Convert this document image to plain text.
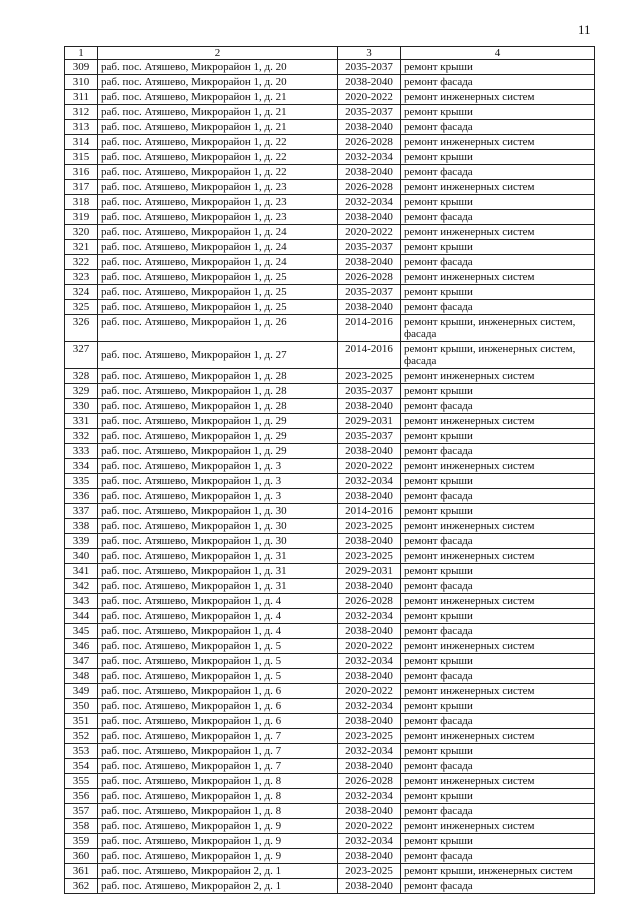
11
1	2	3	4
309	раб. пос. Атяшево, Микрорайон 1, д. 20	2035-2037	ремонт крыши
310	раб. пос. Атяшево, Микрорайон 1, д. 20	2038-2040	ремонт фасада
311	раб. пос. Атяшево, Микрорайон 1, д. 21	2020-2022	ремонт инженерных систем
312	раб. пос. Атяшево, Микрорайон 1, д. 21	2035-2037	ремонт крыши
313	раб. пос. Атяшево, Микрорайон 1, д. 21	2038-2040	ремонт фасада
314	раб. пос. Атяшево, Микрорайон 1, д. 22	2026-2028	ремонт инженерных систем
315	раб. пос. Атяшево, Микрорайон 1, д. 22	2032-2034	ремонт крыши
316	раб. пос. Атяшево, Микрорайон 1, д. 22	2038-2040	ремонт фасада
317	раб. пос. Атяшево, Микрорайон 1, д. 23	2026-2028	ремонт инженерных систем
318	раб. пос. Атяшево, Микрорайон 1, д. 23	2032-2034	ремонт крыши
319	раб. пос. Атяшево, Микрорайон 1, д. 23	2038-2040	ремонт фасада
320	раб. пос. Атяшево, Микрорайон 1, д. 24	2020-2022	ремонт инженерных систем
321	раб. пос. Атяшево, Микрорайон 1, д. 24	2035-2037	ремонт крыши
322	раб. пос. Атяшево, Микрорайон 1, д. 24	2038-2040	ремонт фасада
323	раб. пос. Атяшево, Микрорайон 1, д. 25	2026-2028	ремонт инженерных систем
324	раб. пос. Атяшево, Микрорайон 1, д. 25	2035-2037	ремонт крыши
325	раб. пос. Атяшево, Микрорайон 1, д. 25	2038-2040	ремонт фасада
326	раб. пос. Атяшево, Микрорайон 1, д. 26	2014-2016	ремонт крыши, инженерных систем, фасада
327	раб. пос. Атяшево, Микрорайон 1, д. 27	2014-2016	ремонт крыши, инженерных систем, фасада
328	раб. пос. Атяшево, Микрорайон 1, д. 28	2023-2025	ремонт инженерных систем
329	раб. пос. Атяшево, Микрорайон 1, д. 28	2035-2037	ремонт крыши
330	раб. пос. Атяшево, Микрорайон 1, д. 28	2038-2040	ремонт фасада
331	раб. пос. Атяшево, Микрорайон 1, д. 29	2029-2031	ремонт инженерных систем
332	раб. пос. Атяшево, Микрорайон 1, д. 29	2035-2037	ремонт крыши
333	раб. пос. Атяшево, Микрорайон 1, д. 29	2038-2040	ремонт фасада
334	раб. пос. Атяшево, Микрорайон 1, д. 3	2020-2022	ремонт инженерных систем
335	раб. пос. Атяшево, Микрорайон 1, д. 3	2032-2034	ремонт крыши
336	раб. пос. Атяшево, Микрорайон 1, д. 3	2038-2040	ремонт фасада
337	раб. пос. Атяшево, Микрорайон 1, д. 30	2014-2016	ремонт крыши
338	раб. пос. Атяшево, Микрорайон 1, д. 30	2023-2025	ремонт инженерных систем
339	раб. пос. Атяшево, Микрорайон 1, д. 30	2038-2040	ремонт фасада
340	раб. пос. Атяшево, Микрорайон 1, д. 31	2023-2025	ремонт инженерных систем
341	раб. пос. Атяшево, Микрорайон 1, д. 31	2029-2031	ремонт крыши
342	раб. пос. Атяшево, Микрорайон 1, д. 31	2038-2040	ремонт фасада
343	раб. пос. Атяшево, Микрорайон 1, д. 4	2026-2028	ремонт инженерных систем
344	раб. пос. Атяшево, Микрорайон 1, д. 4	2032-2034	ремонт крыши
345	раб. пос. Атяшево, Микрорайон 1, д. 4	2038-2040	ремонт фасада
346	раб. пос. Атяшево, Микрорайон 1, д. 5	2020-2022	ремонт инженерных систем
347	раб. пос. Атяшево, Микрорайон 1, д. 5	2032-2034	ремонт крыши
348	раб. пос. Атяшево, Микрорайон 1, д. 5	2038-2040	ремонт фасада
349	раб. пос. Атяшево, Микрорайон 1, д. 6	2020-2022	ремонт инженерных систем
350	раб. пос. Атяшево, Микрорайон 1, д. 6	2032-2034	ремонт крыши
351	раб. пос. Атяшево, Микрорайон 1, д. 6	2038-2040	ремонт фасада
352	раб. пос. Атяшево, Микрорайон 1, д. 7	2023-2025	ремонт инженерных систем
353	раб. пос. Атяшево, Микрорайон 1, д. 7	2032-2034	ремонт крыши
354	раб. пос. Атяшево, Микрорайон 1, д. 7	2038-2040	ремонт фасада
355	раб. пос. Атяшево, Микрорайон 1, д. 8	2026-2028	ремонт инженерных систем
356	раб. пос. Атяшево, Микрорайон 1, д. 8	2032-2034	ремонт крыши
357	раб. пос. Атяшево, Микрорайон 1, д. 8	2038-2040	ремонт фасада
358	раб. пос. Атяшево, Микрорайон 1, д. 9	2020-2022	ремонт инженерных систем
359	раб. пос. Атяшево, Микрорайон 1, д. 9	2032-2034	ремонт крыши
360	раб. пос. Атяшево, Микрорайон 1, д. 9	2038-2040	ремонт фасада
361	раб. пос. Атяшево, Микрорайон 2, д. 1	2023-2025	ремонт крыши, инженерных систем
362	раб. пос. Атяшево, Микрорайон 2, д. 1	2038-2040	ремонт фасада
